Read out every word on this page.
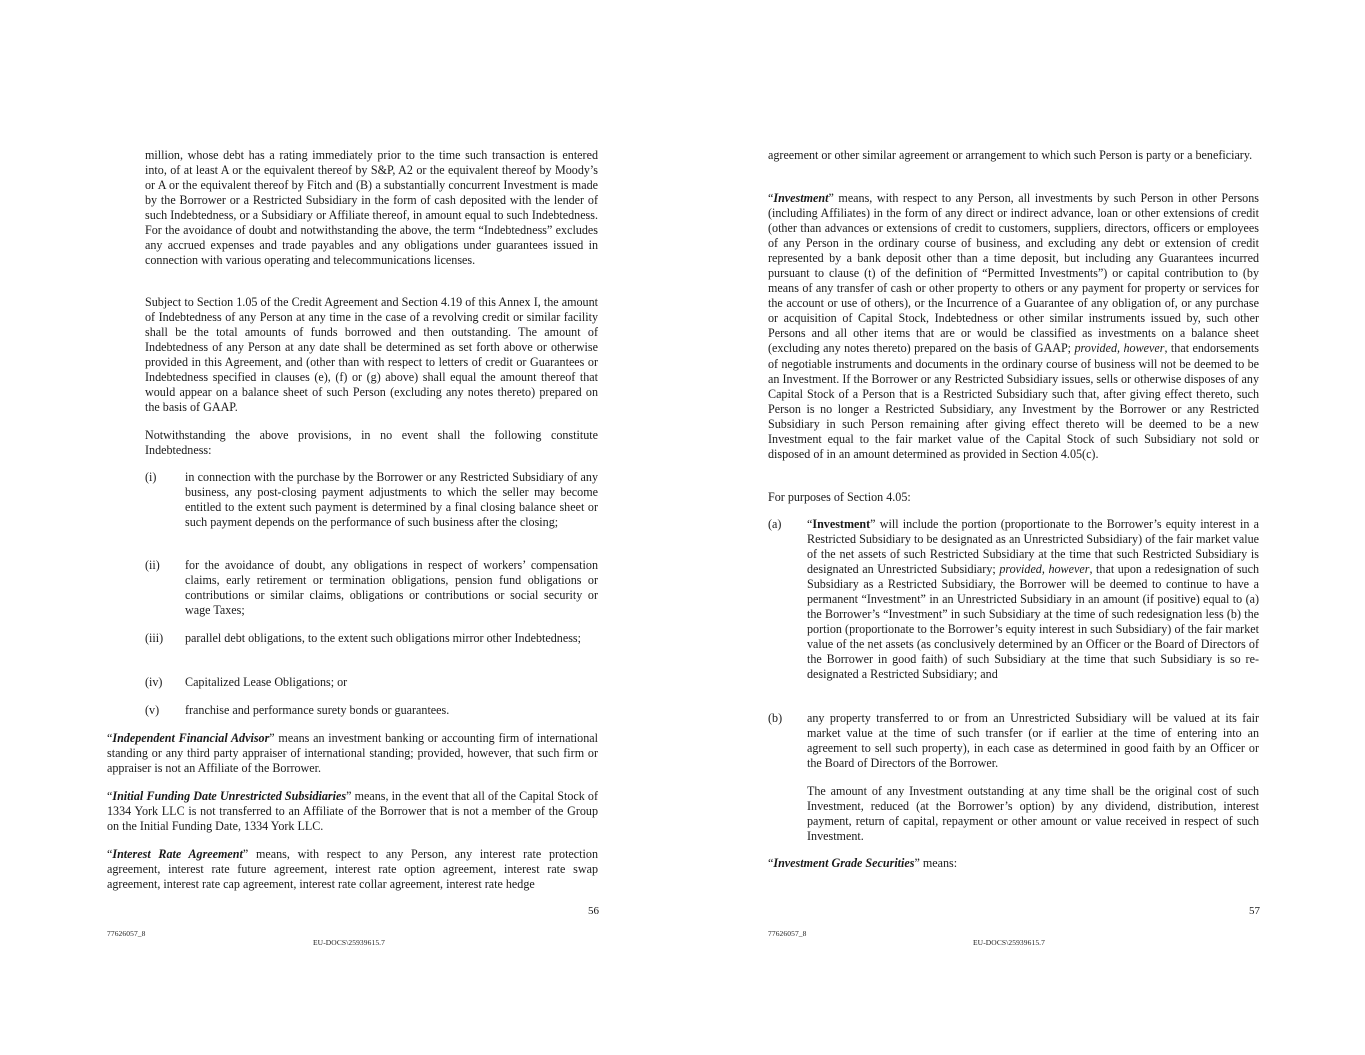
million, whose debt has a rating immediately prior to the time such transaction is entered into, of at least A or the equivalent thereof by S&P, A2 or the equivalent thereof by Moody’s or A or the equivalent thereof by Fitch and (B) a substantially concurrent Investment is made by the Borrower or a Restricted Subsidiary in the form of cash deposited with the lender of such Indebtedness, or a Subsidiary or Affiliate thereof, in amount equal to such Indebtedness. For the avoidance of doubt and notwithstanding the above, the term “Indebtedness” excludes any accrued expenses and trade payables and any obligations under guarantees issued in connection with various operating and telecommunications licenses.

Subject to Section 1.05 of the Credit Agreement and Section 4.19 of this Annex I, the amount of Indebtedness of any Person at any time in the case of a revolving credit or similar facility shall be the total amounts of funds borrowed and then outstanding. The amount of Indebtedness of any Person at any date shall be determined as set forth above or otherwise provided in this Agreement, and (other than with respect to letters of credit or Guarantees or Indebtedness specified in clauses (e), (f) or (g) above) shall equal the amount thereof that would appear on a balance sheet of such Person (excluding any notes thereto) prepared on the basis of GAAP.

Notwithstanding the above provisions, in no event shall the following constitute Indebtedness:

(i) in connection with the purchase by the Borrower or any Restricted Subsidiary of any business, any post-closing payment adjustments to which the seller may become entitled to the extent such payment is determined by a final closing balance sheet or such payment depends on the performance of such business after the closing;
(ii) for the avoidance of doubt, any obligations in respect of workers’ compensation claims, early retirement or termination obligations, pension fund obligations or contributions or similar claims, obligations or contributions or social security or wage Taxes;
(iii) parallel debt obligations, to the extent such obligations mirror other Indebtedness;
(iv) Capitalized Lease Obligations; or
(v) franchise and performance surety bonds or guarantees.

“Independent Financial Advisor” means an investment banking or accounting firm of international standing or any third party appraiser of international standing; provided, however, that such firm or appraiser is not an Affiliate of the Borrower.

“Initial Funding Date Unrestricted Subsidiaries” means, in the event that all of the Capital Stock of 1334 York LLC is not transferred to an Affiliate of the Borrower that is not a member of the Group on the Initial Funding Date, 1334 York LLC.

“Interest Rate Agreement” means, with respect to any Person, any interest rate protection agreement, interest rate future agreement, interest rate option agreement, interest rate swap agreement, interest rate cap agreement, interest rate collar agreement, interest rate hedge

56
77626057_8
EU-DOCS\25939615.7

agreement or other similar agreement or arrangement to which such Person is party or a beneficiary.

“Investment” means, with respect to any Person, all investments by such Person in other Persons (including Affiliates) in the form of any direct or indirect advance, loan or other extensions of credit (other than advances or extensions of credit to customers, suppliers, directors, officers or employees of any Person in the ordinary course of business, and excluding any debt or extension of credit represented by a bank deposit other than a time deposit, but including any Guarantees incurred pursuant to clause (t) of the definition of “Permitted Investments”) or capital contribution to (by means of any transfer of cash or other property to others or any payment for property or services for the account or use of others), or the Incurrence of a Guarantee of any obligation of, or any purchase or acquisition of Capital Stock, Indebtedness or other similar instruments issued by, such other Persons and all other items that are or would be classified as investments on a balance sheet (excluding any notes thereto) prepared on the basis of GAAP; provided, however, that endorsements of negotiable instruments and documents in the ordinary course of business will not be deemed to be an Investment. If the Borrower or any Restricted Subsidiary issues, sells or otherwise disposes of any Capital Stock of a Person that is a Restricted Subsidiary such that, after giving effect thereto, such Person is no longer a Restricted Subsidiary, any Investment by the Borrower or any Restricted Subsidiary in such Person remaining after giving effect thereto will be deemed to be a new Investment equal to the fair market value of the Capital Stock of such Subsidiary not sold or disposed of in an amount determined as provided in Section 4.05(c).

For purposes of Section 4.05:

(a) “Investment” will include the portion (proportionate to the Borrower’s equity interest in a Restricted Subsidiary to be designated as an Unrestricted Subsidiary) of the fair market value of the net assets of such Restricted Subsidiary at the time that such Restricted Subsidiary is designated an Unrestricted Subsidiary; provided, however, that upon a redesignation of such Subsidiary as a Restricted Subsidiary, the Borrower will be deemed to continue to have a permanent “Investment” in an Unrestricted Subsidiary in an amount (if positive) equal to (a) the Borrower’s “Investment” in such Subsidiary at the time of such redesignation less (b) the portion (proportionate to the Borrower’s equity interest in such Subsidiary) of the fair market value of the net assets (as conclusively determined by an Officer or the Board of Directors of the Borrower in good faith) of such Subsidiary at the time that such Subsidiary is so re-designated a Restricted Subsidiary; and
(b) any property transferred to or from an Unrestricted Subsidiary will be valued at its fair market value at the time of such transfer (or if earlier at the time of entering into an agreement to sell such property), in each case as determined in good faith by an Officer or the Board of Directors of the Borrower.

The amount of any Investment outstanding at any time shall be the original cost of such Investment, reduced (at the Borrower’s option) by any dividend, distribution, interest payment, return of capital, repayment or other amount or value received in respect of such Investment.

“Investment Grade Securities” means:

57
77626057_8
EU-DOCS\25939615.7
